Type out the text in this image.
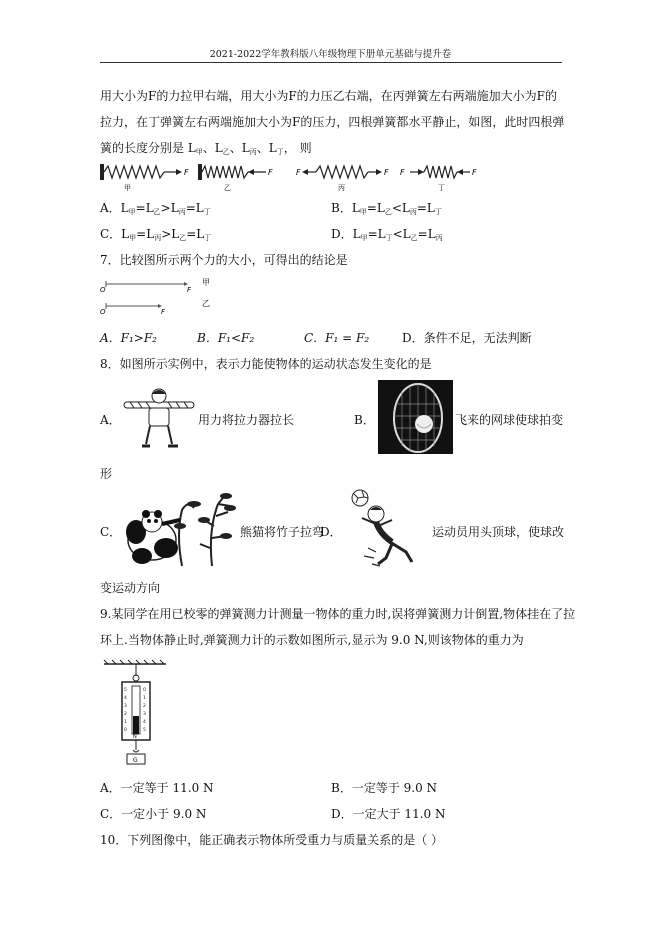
2021-2022学年教科版八年级物理下册单元基础与提升卷
用大小为F的力拉甲右端，用大小为F的力压乙右端，在丙弹簧左右两端施加大小为F的
拉力，在丁弹簧左右两端施加大小为F的压力，四根弹簧都水平静止，如图，此时四根弹
簧的长度分别是 $L_甲$、$L_乙$、$L_丙$、$L_丁$， 则
F
甲
F
乙
F	F
丙
F	F
丁
A．$L_甲=L_乙>L_丙=L_丁$	B．$L_甲=L_乙<L_丙=L_丁$
C．$L_甲=L_丙>L_乙=L_丁$	D．$L_甲=L_丁<L_乙=L_丙$
7．比较图所示两个力的大小，可得出的结论是
O	F
甲
O	F
乙
A．F₁>F₂	B．F₁<F₂	C．F₁ = F₂	D．条件不足，无法判断
8．如图所示实例中，表示力能使物体的运动状态发生变化的是
A．	用力将拉力器拉长	B．	飞来的网球使球拍变
形
C．	熊猫将竹子拉弯
D．	运动员用头顶球，使球改
变运动方向
9.某同学在用已校零的弹簧测力计测量一物体的重力时,误将弹簧测力计倒置,物体挂在了拉
环上.当物体静止时,弹簧测力计的示数如图所示,显示为 9.0 N,则该物体的重力为
5
4
3
2
1
0
0
1
2
3
4
5
N
G
A．一定等于 11.0 N	B．一定等于 9.0 N
C．一定小于 9.0 N	D．一定大于 11.0 N
10．下列图像中，能正确表示物体所受重力与质量关系的是（ ）
